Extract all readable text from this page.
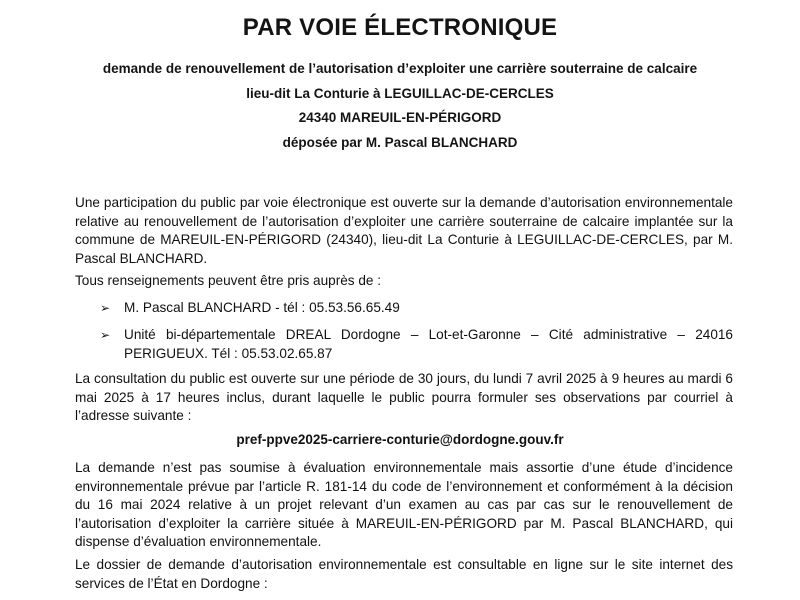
PAR VOIE ÉLECTRONIQUE
demande de renouvellement de l’autorisation d’exploiter une carrière souterraine de calcaire
lieu-dit La Conturie à LEGUILLAC-DE-CERCLES
24340 MAREUIL-EN-PÉRIGORD
déposée par M. Pascal BLANCHARD
Une participation du public par voie électronique est ouverte sur la demande d’autorisation environnementale relative au renouvellement de l’autorisation d’exploiter une carrière souterraine de calcaire implantée sur la commune de MAREUIL-EN-PÉRIGORD (24340), lieu-dit La Conturie à LEGUILLAC-DE-CERCLES, par M. Pascal BLANCHARD.
Tous renseignements peuvent être pris auprès de :
➢ M. Pascal BLANCHARD - tél : 05.53.56.65.49
➢ Unité bi-départementale DREAL Dordogne – Lot-et-Garonne – Cité administrative – 24016 PERIGUEUX. Tél : 05.53.02.65.87
La consultation du public est ouverte sur une période de 30 jours, du lundi 7 avril 2025 à 9 heures au mardi 6 mai 2025 à 17 heures inclus, durant laquelle le public pourra formuler ses observations par courriel à l’adresse suivante :
pref-ppve2025-carriere-conturie@dordogne.gouv.fr
La demande n’est pas soumise à évaluation environnementale mais assortie d’une étude d’incidence environnementale prévue par l’article R. 181-14 du code de l’environnement et conformément à la décision du 16 mai 2024 relative à un projet relevant d’un examen au cas par cas sur le renouvellement de l’autorisation d’exploiter la carrière située à MAREUIL-EN-PÉRIGORD par M. Pascal BLANCHARD, qui dispense d’évaluation environnementale.
Le dossier de demande d’autorisation environnementale est consultable en ligne sur le site internet des services de l’État en Dordogne :
